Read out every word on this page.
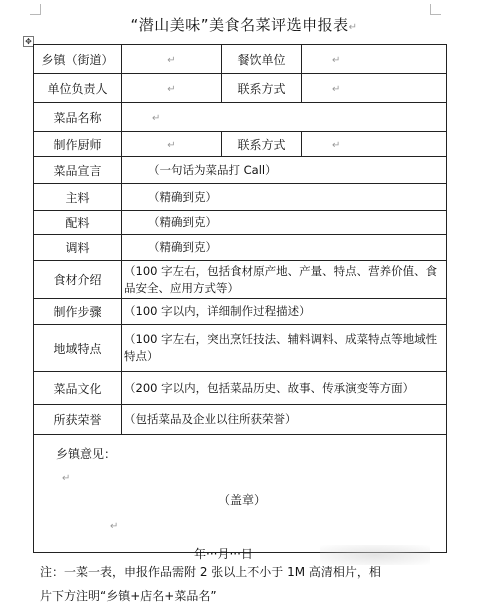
“潜山美味”美食名菜评选申报表↵
✥
乡镇（街道）	↵	餐饮单位	↵
单位负责人	↵	联系方式	↵
菜品名称	↵		
制作厨师	↵	联系方式	↵
菜品宣言	（一句话为菜品打 Call）		
主料	（精确到克）		
配料	（精确到克）		
调料	（精确到克）		
食材介绍	（100 字左右，包括食材原产地、产量、特点、营养价值、食品安全、应用方式等）		
制作步骤	（100 字以内，详细制作过程描述）		
地域特点	（100 字左右，突出烹饪技法、辅料调料、成菜特点等地域性特点）		
菜品文化	（200 字以内，包括菜品历史、故事、传承演变等方面）		
所获荣誉	（包括菜品及企业以往所获荣誉）		

乡镇意见：
↵
（盖章）
↵
年···月···日			
注：一菜一表，申报作品需附 2 张以上不小于 1M 高清相片，相
片下方注明“乡镇+店名+菜品名”
